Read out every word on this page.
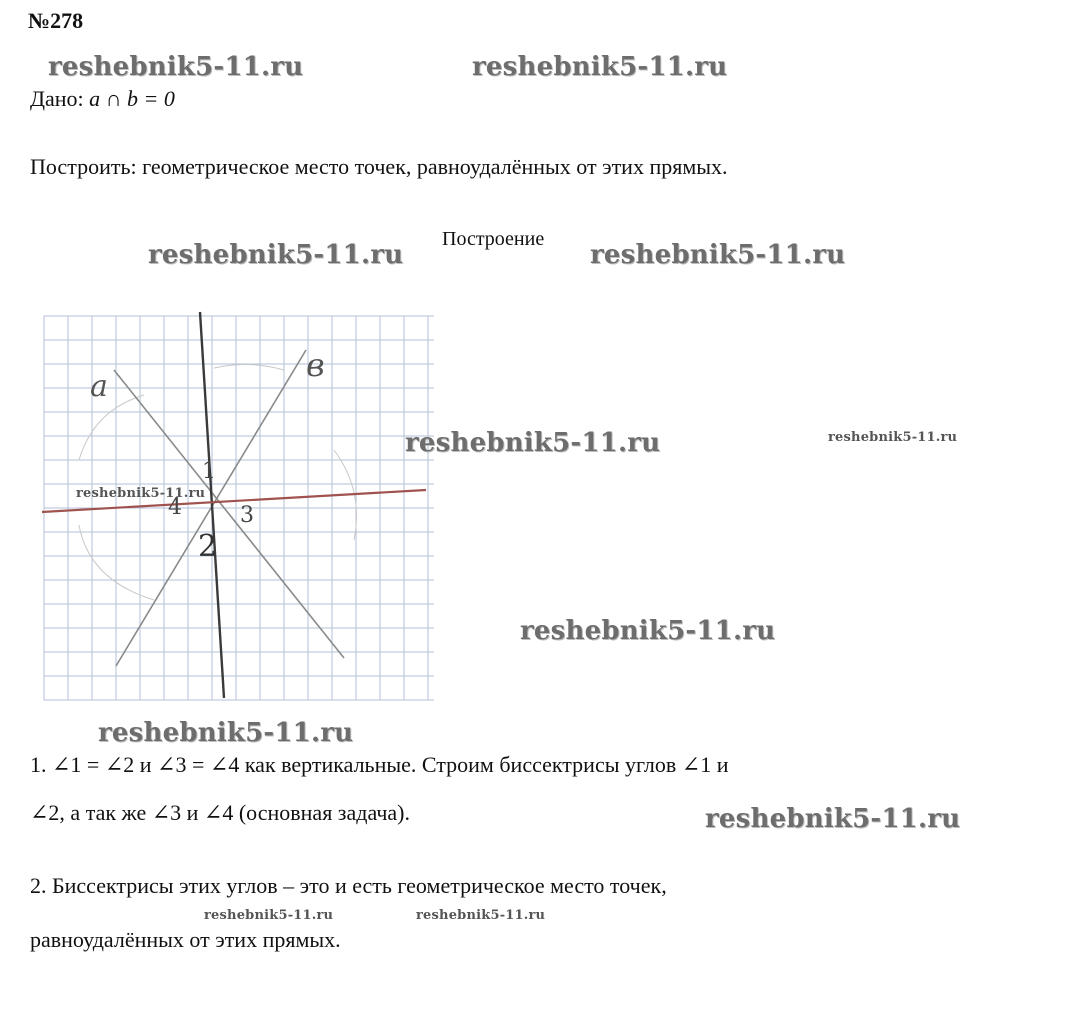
№278
reshebnik5-11.ru	reshebnik5-11.ru
Дано: a ∩ b = 0
Построить: геометрическое место точек, равноудалённых от этих прямых.
reshebnik5-11.ru
Построение
reshebnik5-11.ru
a
в
1
2
3
4
reshebnik5-11.ru
reshebnik5-11.ru	reshebnik5-11.ru
reshebnik5-11.ru
reshebnik5-11.ru
1. ∠1 = ∠2 и ∠3 = ∠4 как вертикальные. Строим биссектрисы углов ∠1 и
∠2, а так же ∠3 и ∠4 (основная задача).	reshebnik5-11.ru
2. Биссектрисы этих углов – это и есть геометрическое место точек,
reshebnik5-11.ru	reshebnik5-11.ru
равноудалённых от этих прямых.
